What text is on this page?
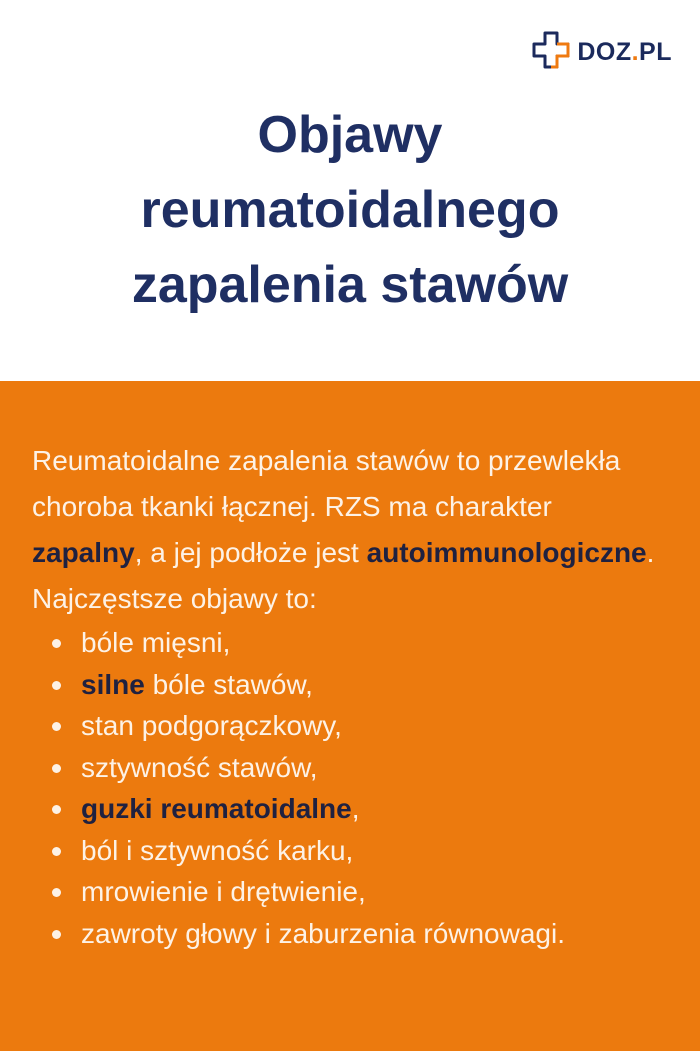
DOZ.PL
Objawy
reumatoidalnego
zapalenia stawów

Reumatoidalne zapalenia stawów to przewlekła choroba tkanki łącznej. RZS ma charakter zapalny, a jej podłoże jest autoimmunologiczne. Najczęstsze objawy to:

bóle mięsni,
silne bóle stawów,
stan podgorączkowy,
sztywność stawów,
guzki reumatoidalne,
ból i sztywność karku,
mrowienie i drętwienie,
zawroty głowy i zaburzenia równowagi.
